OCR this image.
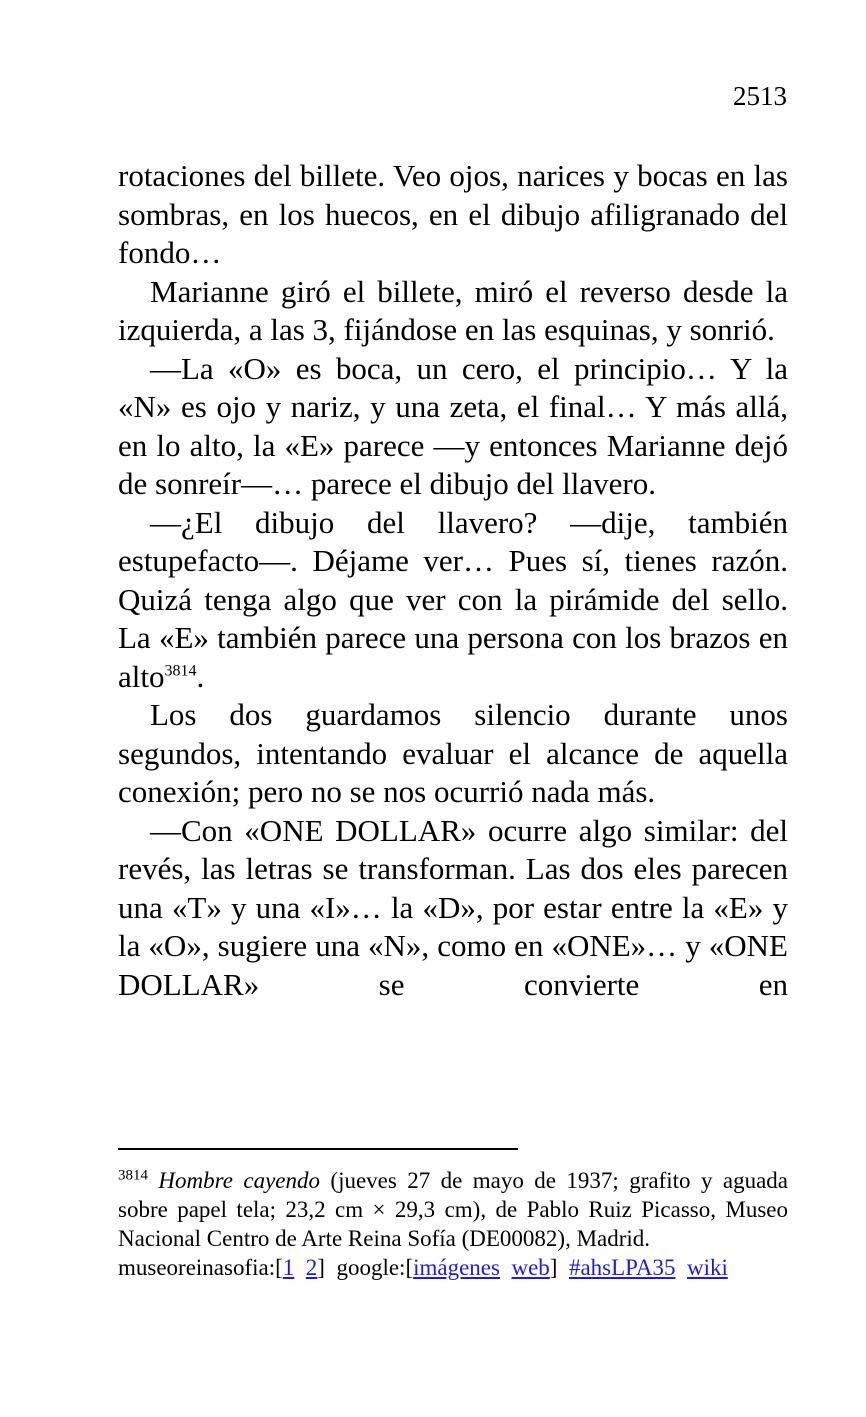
2513

rotaciones del billete. Veo ojos, narices y bocas en las sombras, en los huecos, en el dibujo afiligranado del fondo…

Marianne giró el billete, miró el reverso desde la izquierda, a las 3, fijándose en las esquinas, y sonrió.

—La «O» es boca, un cero, el principio… Y la «N» es ojo y nariz, y una zeta, el final… Y más allá, en lo alto, la «E» parece —y entonces Marianne dejó de sonreír—… parece el dibujo del llavero.

—¿El dibujo del llavero? —dije, también estupefacto—. Déjame ver… Pues sí, tienes razón. Quizá tenga algo que ver con la pirámide del sello. La «E» también parece una persona con los brazos en alto$^{3814}$.

Los dos guardamos silencio durante unos segundos, intentando evaluar el alcance de aquella conexión; pero no se nos ocurrió nada más.

—Con «ONE DOLLAR» ocurre algo similar: del revés, las letras se transforman. Las dos eles parecen una «T» y una «I»… la «D», por estar entre la «E» y la «O», sugiere una «N», como en «ONE»… y «ONE DOLLAR» se convierte en

$^{3814}$ Hombre cayendo (jueves 27 de mayo de 1937; grafito y aguada sobre papel tela; 23,2 cm × 29,3 cm), de Pablo Ruiz Picasso, Museo Nacional Centro de Arte Reina Sofía (DE00082), Madrid.

museoreinasofia:[1 2] google:[imágenes web] #ahsLPA35 wiki
